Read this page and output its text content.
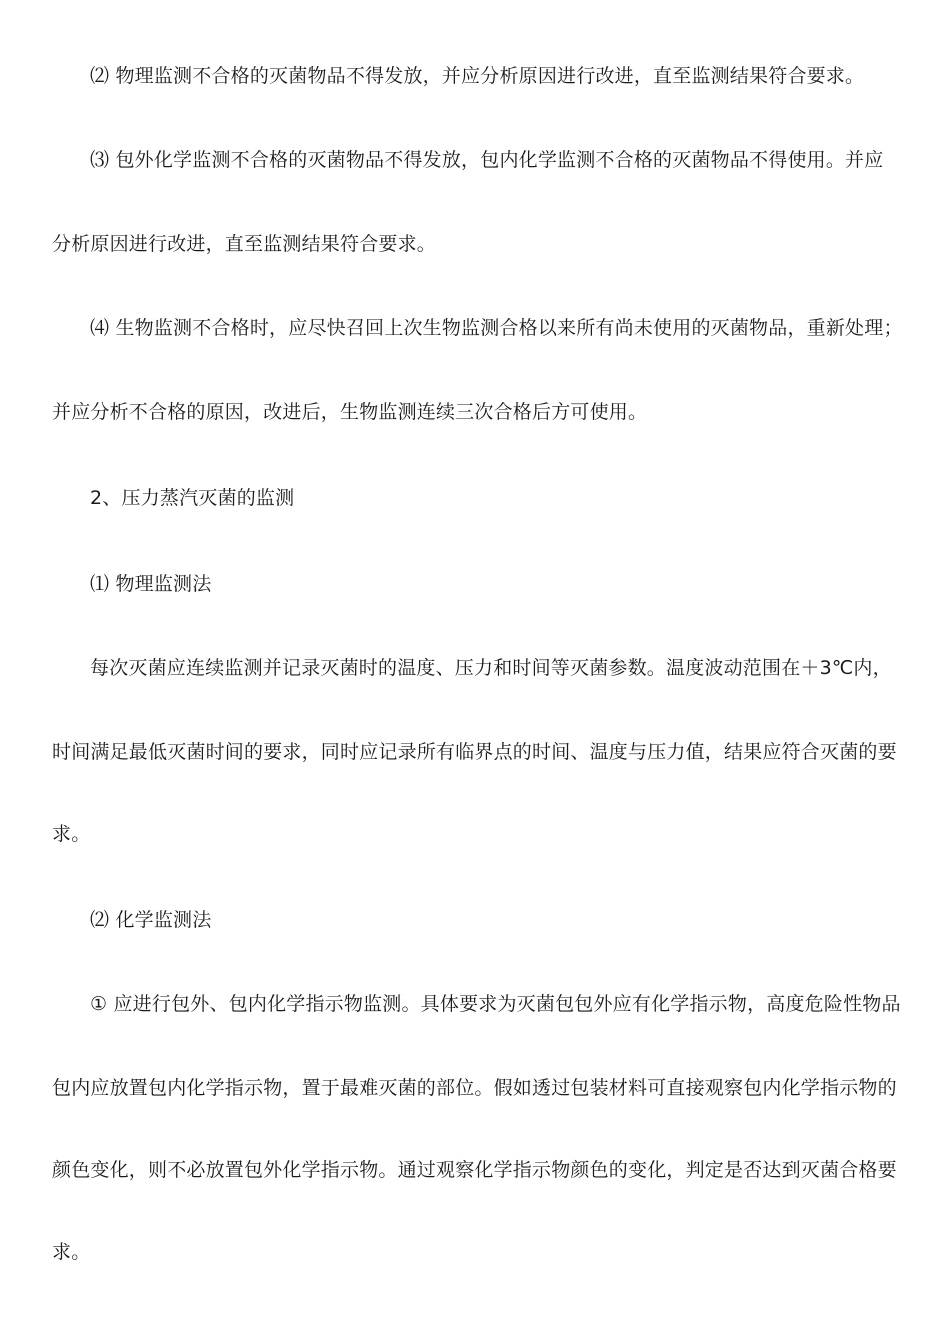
⑵ 物理监测不合格的灭菌物品不得发放，并应分析原因进行改进，直至监测结果符合要求。
⑶ 包外化学监测不合格的灭菌物品不得发放，包内化学监测不合格的灭菌物品不得使用。并应
分析原因进行改进，直至监测结果符合要求。
⑷ 生物监测不合格时，应尽快召回上次生物监测合格以来所有尚未使用的灭菌物品，重新处理；
并应分析不合格的原因，改进后，生物监测连续三次合格后方可使用。
2、压力蒸汽灭菌的监测
⑴ 物理监测法
每次灭菌应连续监测并记录灭菌时的温度、压力和时间等灭菌参数。温度波动范围在＋3℃内，
时间满足最低灭菌时间的要求，同时应记录所有临界点的时间、温度与压力值，结果应符合灭菌的要
求。
⑵ 化学监测法
① 应进行包外、包内化学指示物监测。具体要求为灭菌包包外应有化学指示物，高度危险性物品
包内应放置包内化学指示物，置于最难灭菌的部位。假如透过包装材料可直接观察包内化学指示物的
颜色变化，则不必放置包外化学指示物。通过观察化学指示物颜色的变化，判定是否达到灭菌合格要
求。
